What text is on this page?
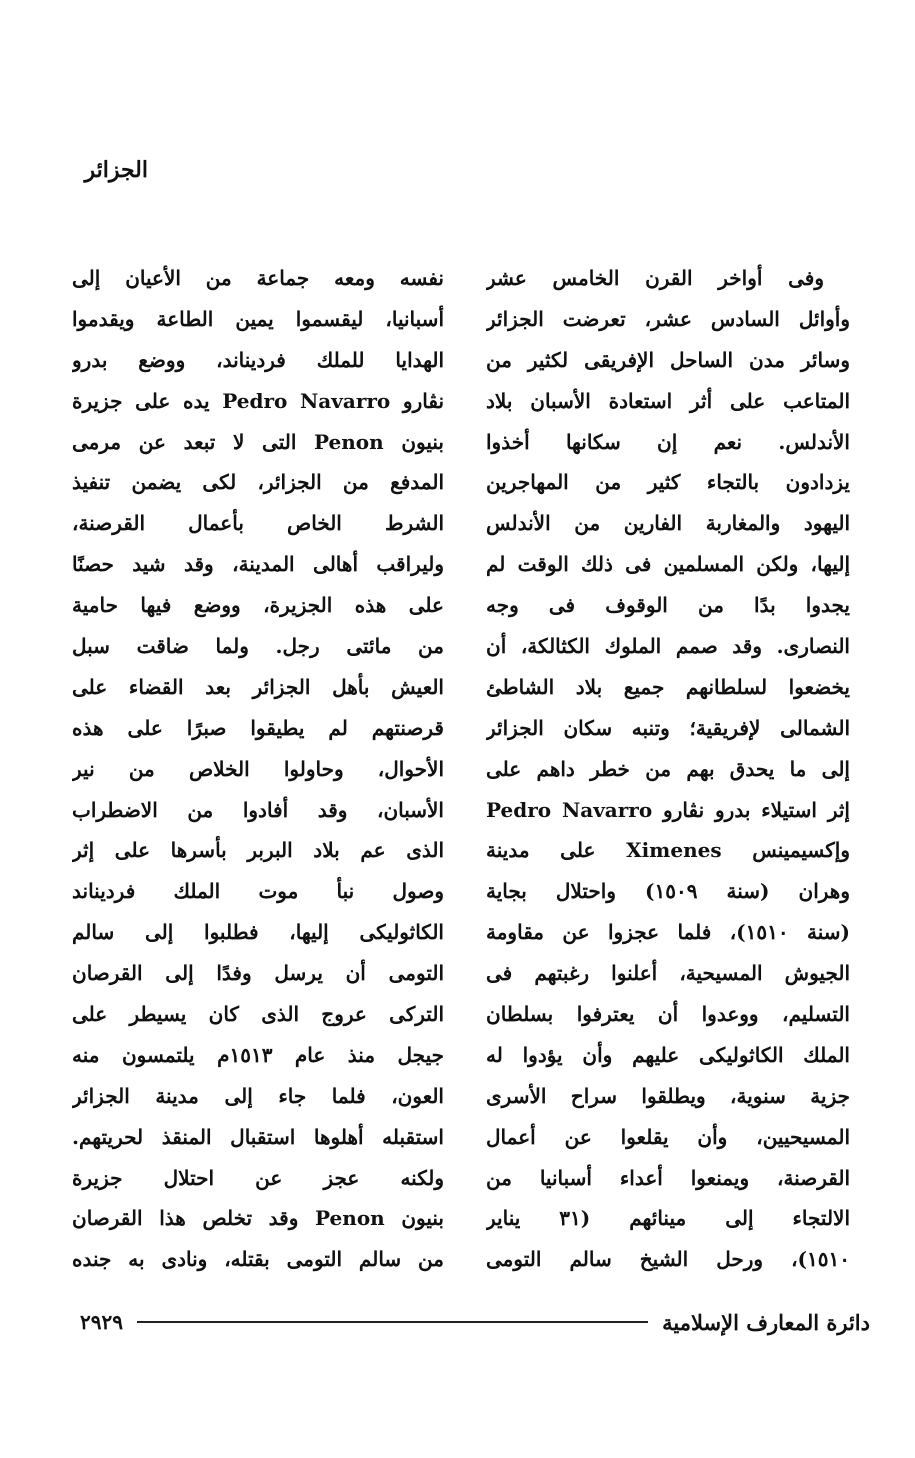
الجزائر
وفى أواخر القرن الخامس عشر
وأوائل السادس عشر، تعرضت الجزائر
وسائر مدن الساحل الإفريقى لكثير من
المتاعب على أثر استعادة الأسبان بلاد
الأندلس. نعم إن سكانها أخذوا
يزدادون بالتجاء كثير من المهاجرين
اليهود والمغاربة الفارين من الأندلس
إليها، ولكن المسلمين فى ذلك الوقت لم
يجدوا بدًا من الوقوف فى وجه
النصارى. وقد صمم الملوك الكثالكة، أن
يخضعوا لسلطانهم جميع بلاد الشاطئ
الشمالى لإفريقية؛ وتنبه سكان الجزائر
إلى ما يحدق بهم من خطر داهم على
إثر استيلاء بدرو نڤارو Pedro Navarro
وإكسيمينس Ximenes على مدينة
وهران (سنة ١٥٠٩) واحتلال بجاية
(سنة ١٥١٠)، فلما عجزوا عن مقاومة
الجيوش المسيحية، أعلنوا رغبتهم فى
التسليم، ووعدوا أن يعترفوا بسلطان
الملك الكاثوليكى عليهم وأن يؤدوا له
جزية سنوية، ويطلقوا سراح الأسرى
المسيحيين، وأن يقلعوا عن أعمال
القرصنة، ويمنعوا أعداء أسبانيا من
الالتجاء إلى مينائهم (٣١ يناير
١٥١٠)، ورحل الشيخ سالم التومى
نفسه ومعه جماعة من الأعيان إلى
أسبانيا، ليقسموا يمين الطاعة ويقدموا
الهدايا للملك فرديناند، ووضع بدرو
نڤارو Pedro Navarro يده على جزيرة
بنيون Penon التى لا تبعد عن مرمى
المدفع من الجزائر، لكى يضمن تنفيذ
الشرط الخاص بأعمال القرصنة،
وليراقب أهالى المدينة، وقد شيد حصنًا
على هذه الجزيرة، ووضع فيها حامية
من مائتى رجل. ولما ضاقت سبل
العيش بأهل الجزائر بعد القضاء على
قرصنتهم لم يطيقوا صبرًا على هذه
الأحوال، وحاولوا الخلاص من نير
الأسبان، وقد أفادوا من الاضطراب
الذى عم بلاد البربر بأسرها على إثر
وصول نبأ موت الملك فرديناند
الكاثوليكى إليها، فطلبوا إلى سالم
التومى أن يرسل وفدًا إلى القرصان
التركى عروج الذى كان يسيطر على
جيجل منذ عام ١٥١٣م يلتمسون منه
العون، فلما جاء إلى مدينة الجزائر
استقبله أهلوها استقبال المنقذ لحريتهم.
ولكنه عجز عن احتلال جزيرة
بنيون Penon وقد تخلص هذا القرصان
من سالم التومى بقتله، ونادى به جنده
دائرة المعارف الإسلامية
٢٩٢٩
